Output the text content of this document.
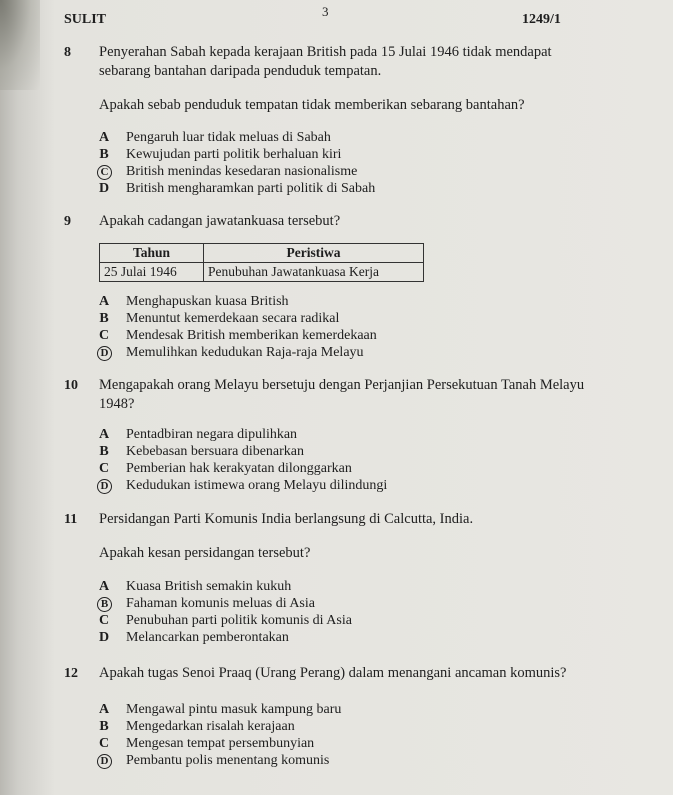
SULIT
3
1249/1
8 Penyerahan Sabah kepada kerajaan British pada 15 Julai 1946 tidak mendapat
sebarang bantahan daripada penduduk tempatan.
Apakah sebab penduduk tempatan tidak memberikan sebarang bantahan?
A Pengaruh luar tidak meluas di Sabah
B Kewujudan parti politik berhaluan kiri
C British menindas kesedaran nasionalisme
D British mengharamkan parti politik di Sabah
9 Apakah cadangan jawatankuasa tersebut?
Tahun	Peristiwa
25 Julai 1946	Penubuhan Jawatankuasa Kerja
A Menghapuskan kuasa British
B Menuntut kemerdekaan secara radikal
C Mendesak British memberikan kemerdekaan
D Memulihkan kedudukan Raja-raja Melayu
10 Mengapakah orang Melayu bersetuju dengan Perjanjian Persekutuan Tanah Melayu
1948?
A Pentadbiran negara dipulihkan
B Kebebasan bersuara dibenarkan
C Pemberian hak kerakyatan dilonggarkan
D Kedudukan istimewa orang Melayu dilindungi
11 Persidangan Parti Komunis India berlangsung di Calcutta, India.
Apakah kesan persidangan tersebut?
A Kuasa British semakin kukuh
B Fahaman komunis meluas di Asia
C Penubuhan parti politik komunis di Asia
D Melancarkan pemberontakan
12 Apakah tugas Senoi Praaq (Urang Perang) dalam menangani ancaman komunis?
A Mengawal pintu masuk kampung baru
B Mengedarkan risalah kerajaan
C Mengesan tempat persembunyian
D Pembantu polis menentang komunis
